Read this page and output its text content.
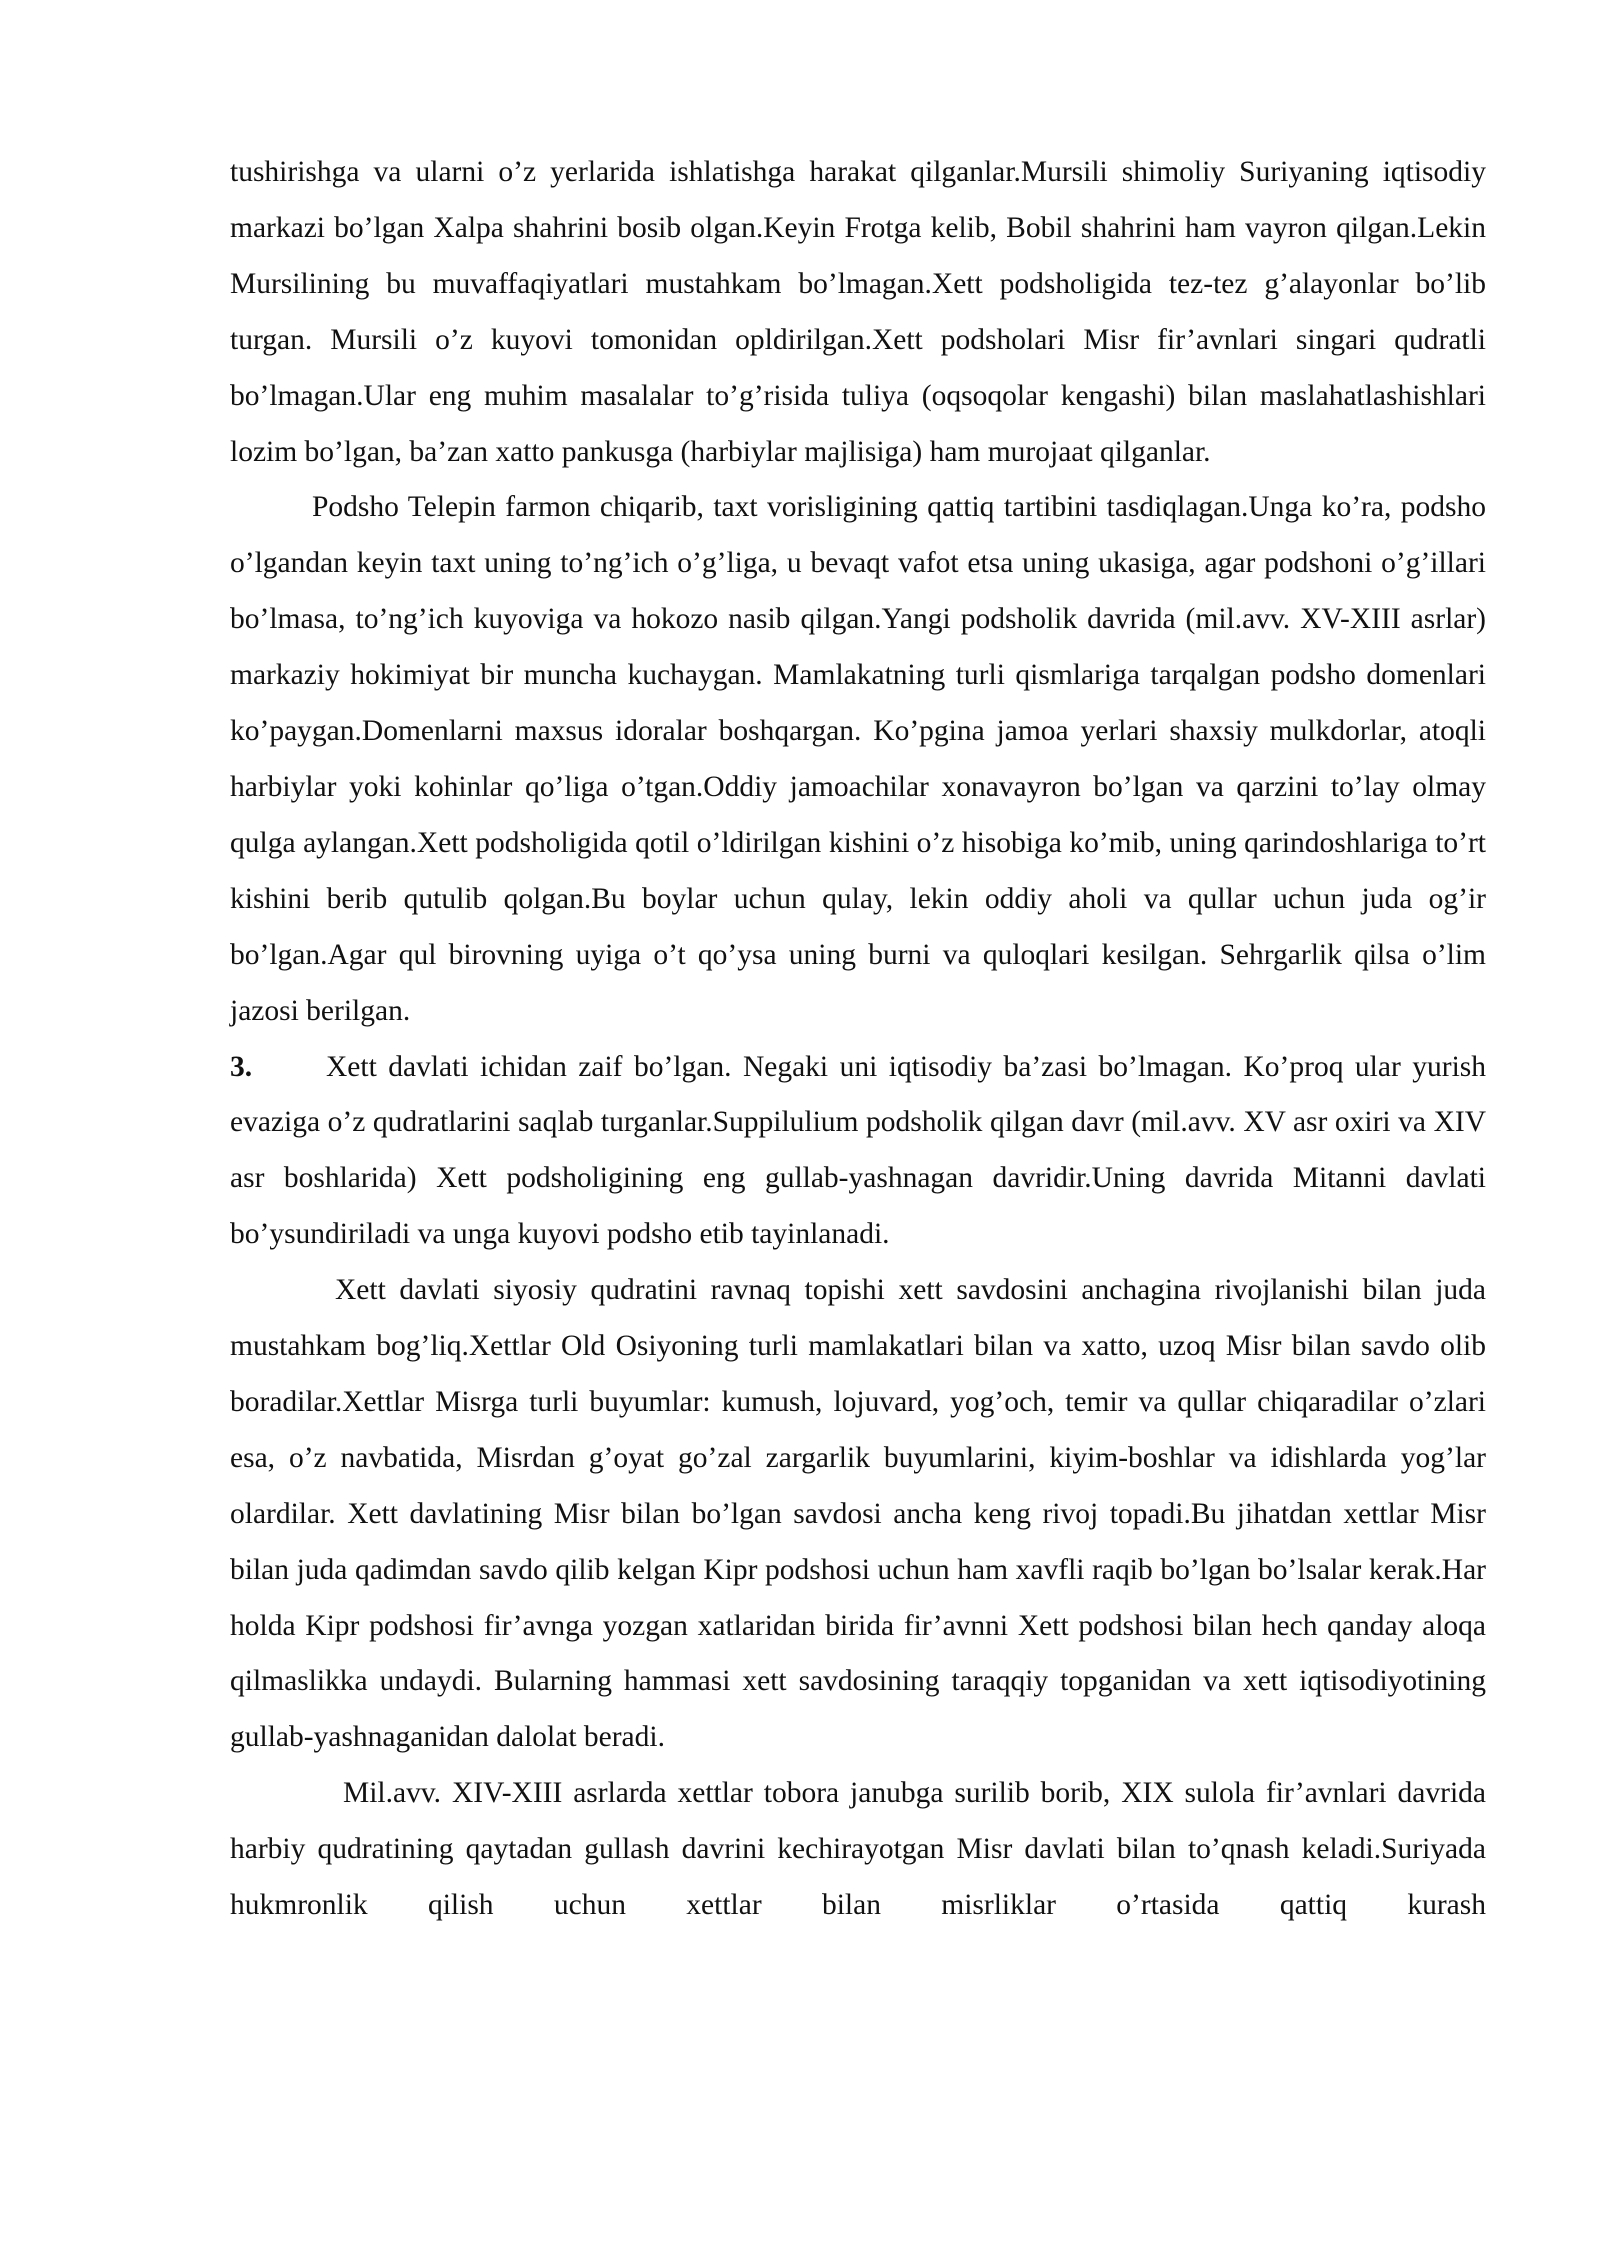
tushirishga va ularni o’z yerlarida ishlatishga harakat qilganlar.Mursili shimoliy Suriyaning iqtisodiy markazi bo’lgan Xalpa shahrini bosib olgan.Keyin Frotga kelib, Bobil shahrini ham vayron qilgan.Lekin Mursilining bu muvaffaqiyatlari mustahkam bo’lmagan.Xett podsholigida tez-tez g’alayonlar bo’lib turgan. Mursili o’z kuyovi tomonidan opldirilgan.Xett podsholari Misr fir’avnlari singari qudratli bo’lmagan.Ular eng muhim masalalar to’g’risida tuliya (oqsoqolar kengashi) bilan maslahatlashishlari lozim bo’lgan, ba’zan xatto pankusga (harbiylar majlisiga) ham murojaat qilganlar.

Podsho Telepin farmon chiqarib, taxt vorisligining qattiq tartibini tasdiqlagan.Unga ko’ra, podsho o’lgandan keyin taxt uning to’ng’ich o’g’liga, u bevaqt vafot etsa uning ukasiga, agar podshoni o’g’illari bo’lmasa, to’ng’ich kuyoviga va hokozo nasib qilgan.Yangi podsholik davrida (mil.avv. XV-XIII asrlar) markaziy hokimiyat bir muncha kuchaygan. Mamlakatning turli qismlariga tarqalgan podsho domenlari ko’paygan.Domenlarni maxsus idoralar boshqargan. Ko’pgina jamoa yerlari shaxsiy mulkdorlar, atoqli harbiylar yoki kohinlar qo’liga o’tgan.Oddiy jamoachilar xonavayron bo’lgan va qarzini to’lay olmay qulga aylangan.Xett podsholigida qotil o’ldirilgan kishini o’z hisobiga ko’mib, uning qarindoshlariga to’rt kishini berib qutulib qolgan.Bu boylar uchun qulay, lekin oddiy aholi va qullar uchun juda og’ir bo’lgan.Agar qul birovning uyiga o’t qo’ysa uning burni va quloqlari kesilgan. Sehrgarlik qilsa o’lim jazosi berilgan.

3.	Xett davlati ichidan zaif bo’lgan. Negaki uni iqtisodiy ba’zasi bo’lmagan. Ko’proq ular yurish evaziga o’z qudratlarini saqlab turganlar.Suppilulium podsholik qilgan davr (mil.avv. XV asr oxiri va XIV asr boshlarida) Xett podsholigining eng gullab-yashnagan davridir.Uning davrida Mitanni davlati bo’ysundiriladi va unga kuyovi podsho etib tayinlanadi.

Xett davlati siyosiy qudratini ravnaq topishi xett savdosini anchagina rivojlanishi bilan juda mustahkam bog’liq.Xettlar Old Osiyoning turli mamlakatlari bilan va xatto, uzoq Misr bilan savdo olib boradilar.Xettlar Misrga turli buyumlar: kumush, lojuvard, yog’och, temir va qullar chiqaradilar o’zlari esa, o’z navbatida, Misrdan g’oyat go’zal zargarlik buyumlarini, kiyim-boshlar va idishlarda yog’lar olardilar. Xett davlatining Misr bilan bo’lgan savdosi ancha keng rivoj topadi.Bu jihatdan xettlar Misr bilan juda qadimdan savdo qilib kelgan Kipr podshosi uchun ham xavfli raqib bo’lgan bo’lsalar kerak.Har holda Kipr podshosi fir’avnga yozgan xatlaridan birida fir’avnni Xett podshosi bilan hech qanday aloqa qilmaslikka undaydi. Bularning hammasi xett savdosining taraqqiy topganidan va xett iqtisodiyotining gullab-yashnaganidan dalolat beradi.

Mil.avv. XIV-XIII asrlarda xettlar tobora janubga surilib borib, XIX sulola fir’avnlari davrida harbiy qudratining qaytadan gullash davrini kechirayotgan Misr davlati bilan to’qnash keladi.Suriyada hukmronlik qilish uchun xettlar bilan misrliklar o’rtasida qattiq kurash
